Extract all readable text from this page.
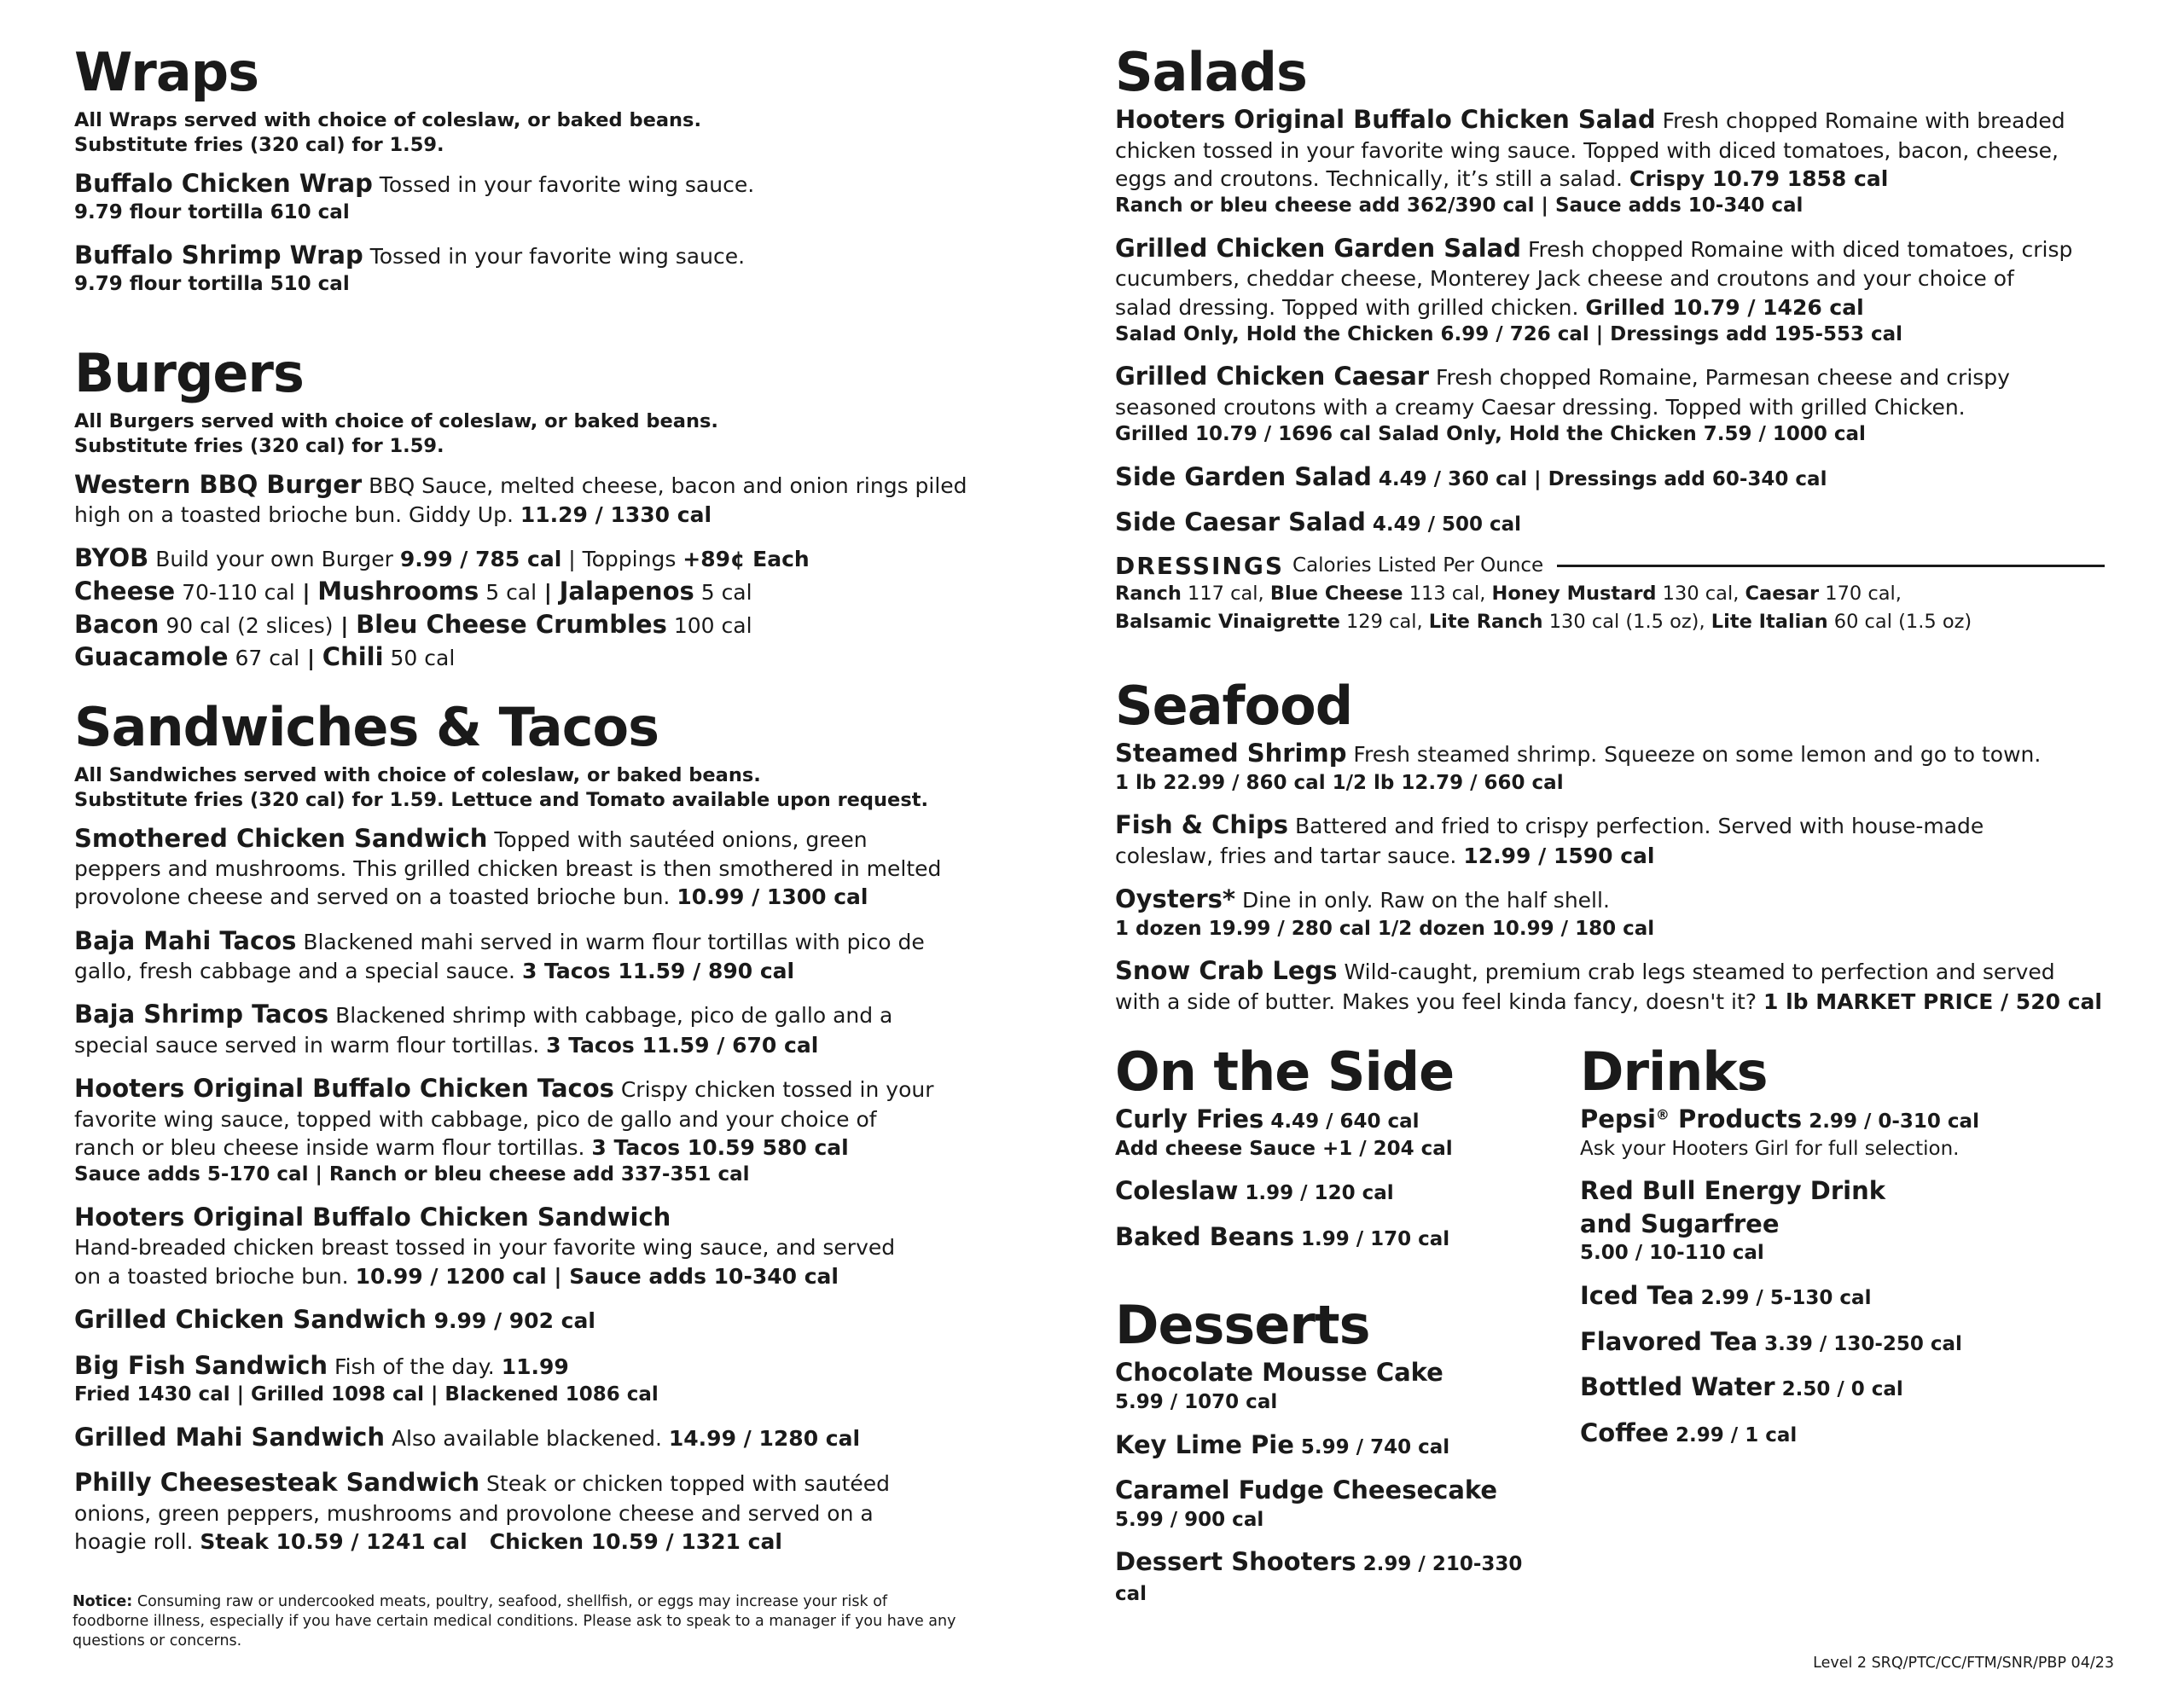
Wraps
All Wraps served with choice of coleslaw, or baked beans.
Substitute fries (320 cal) for 1.59.
Buffalo Chicken Wrap Tossed in your favorite wing sauce.
9.79 flour tortilla 610 cal
Buffalo Shrimp Wrap Tossed in your favorite wing sauce.
9.79 flour tortilla 510 cal
Burgers
All Burgers served with choice of coleslaw, or baked beans.
Substitute fries (320 cal) for 1.59.
Western BBQ Burger BBQ Sauce, melted cheese, bacon and onion rings piled
high on a toasted brioche bun. Giddy Up. 11.29 / 1330 cal
BYOB Build your own Burger 9.99 / 785 cal | Toppings +89¢ Each
Cheese 70-110 cal | Mushrooms 5 cal | Jalapenos 5 cal
Bacon 90 cal (2 slices) | Bleu Cheese Crumbles 100 cal
Guacamole 67 cal | Chili 50 cal
Sandwiches & Tacos
All Sandwiches served with choice of coleslaw, or baked beans.
Substitute fries (320 cal) for 1.59. Lettuce and Tomato available upon request.
Smothered Chicken Sandwich Topped with sautéed onions, green
peppers and mushrooms. This grilled chicken breast is then smothered in melted
provolone cheese and served on a toasted brioche bun. 10.99 / 1300 cal
Baja Mahi Tacos Blackened mahi served in warm flour tortillas with pico de
gallo, fresh cabbage and a special sauce. 3 Tacos 11.59 / 890 cal
Baja Shrimp Tacos Blackened shrimp with cabbage, pico de gallo and a
special sauce served in warm flour tortillas. 3 Tacos 11.59 / 670 cal
Hooters Original Buffalo Chicken Tacos Crispy chicken tossed in your
favorite wing sauce, topped with cabbage, pico de gallo and your choice of
ranch or bleu cheese inside warm flour tortillas. 3 Tacos 10.59 580 cal
Sauce adds 5-170 cal | Ranch or bleu cheese add 337-351 cal
Hooters Original Buffalo Chicken Sandwich
Hand-breaded chicken breast tossed in your favorite wing sauce, and served
on a toasted brioche bun. 10.99 / 1200 cal | Sauce adds 10-340 cal
Grilled Chicken Sandwich 9.99 / 902 cal
Big Fish Sandwich Fish of the day. 11.99
Fried 1430 cal | Grilled 1098 cal | Blackened 1086 cal
Grilled Mahi Sandwich Also available blackened. 14.99 / 1280 cal
Philly Cheesesteak Sandwich Steak or chicken topped with sautéed
onions, green peppers, mushrooms and provolone cheese and served on a
hoagie roll. Steak 10.59 / 1241 cal   Chicken 10.59 / 1321 cal
Notice: Consuming raw or undercooked meats, poultry, seafood, shellfish, or eggs may increase your risk of foodborne illness, especially if you have certain medical conditions. Please ask to speak to a manager if you have any questions or concerns.
Salads
Hooters Original Buffalo Chicken Salad Fresh chopped Romaine with breaded
chicken tossed in your favorite wing sauce. Topped with diced tomatoes, bacon, cheese,
eggs and croutons. Technically, it’s still a salad. Crispy 10.79 1858 cal
Ranch or bleu cheese add 362/390 cal | Sauce adds 10-340 cal
Grilled Chicken Garden Salad Fresh chopped Romaine with diced tomatoes, crisp
cucumbers, cheddar cheese, Monterey Jack cheese and croutons and your choice of
salad dressing. Topped with grilled chicken. Grilled 10.79 / 1426 cal
Salad Only, Hold the Chicken 6.99 / 726 cal | Dressings add 195-553 cal
Grilled Chicken Caesar Fresh chopped Romaine, Parmesan cheese and crispy
seasoned croutons with a creamy Caesar dressing. Topped with grilled Chicken.
Grilled 10.79 / 1696 cal Salad Only, Hold the Chicken 7.59 / 1000 cal
Side Garden Salad 4.49 / 360 cal | Dressings add 60-340 cal
Side Caesar Salad 4.49 / 500 cal
DRESSINGS Calories Listed Per Ounce
Ranch 117 cal, Blue Cheese 113 cal, Honey Mustard 130 cal, Caesar 170 cal,
Balsamic Vinaigrette 129 cal, Lite Ranch 130 cal (1.5 oz), Lite Italian 60 cal (1.5 oz)
Seafood
Steamed Shrimp Fresh steamed shrimp. Squeeze on some lemon and go to town.
1 lb 22.99 / 860 cal 1/2 lb 12.79 / 660 cal
Fish & Chips Battered and fried to crispy perfection. Served with house-made
coleslaw, fries and tartar sauce. 12.99 / 1590 cal
Oysters* Dine in only. Raw on the half shell.
1 dozen 19.99 / 280 cal 1/2 dozen 10.99 / 180 cal
Snow Crab Legs Wild-caught, premium crab legs steamed to perfection and served
with a side of butter. Makes you feel kinda fancy, doesn't it? 1 lb MARKET PRICE / 520 cal
On the Side
Curly Fries 4.49 / 640 cal
Add cheese Sauce +1 / 204 cal
Coleslaw 1.99 / 120 cal
Baked Beans 1.99 / 170 cal
Desserts
Chocolate Mousse Cake
5.99 / 1070 cal
Key Lime Pie 5.99 / 740 cal
Caramel Fudge Cheesecake
5.99 / 900 cal
Dessert Shooters 2.99 / 210-330 cal
Drinks
Pepsi® Products 2.99 / 0-310 cal
Ask your Hooters Girl for full selection.
Red Bull Energy Drink
and Sugarfree
5.00 / 10-110 cal
Iced Tea 2.99 / 5-130 cal
Flavored Tea 3.39 / 130-250 cal
Bottled Water 2.50 / 0 cal
Coffee 2.99 / 1 cal
Level 2 SRQ/PTC/CC/FTM/SNR/PBP 04/23
